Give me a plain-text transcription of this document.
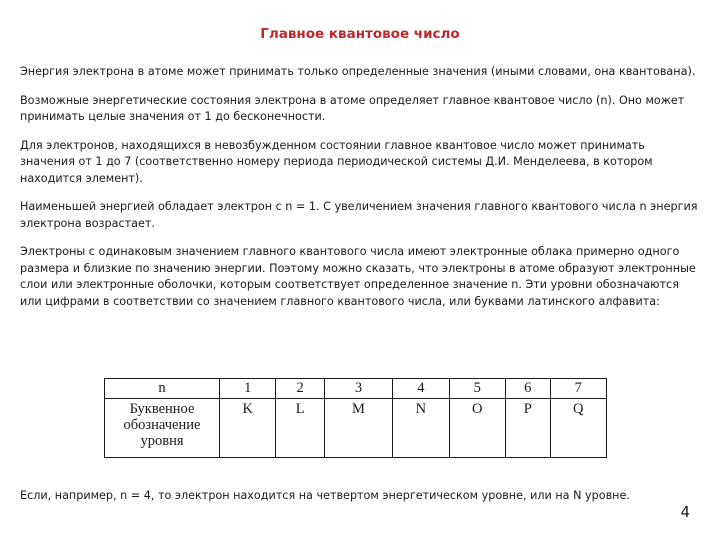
Главное квантовое число

Энергия электрона в атоме может принимать только определенные значения (иными словами, она квантована).

Возможные энергетические состояния электрона в атоме определяет главное квантовое число (n). Оно может принимать целые значения от 1 до бесконечности.

Для электронов, находящихся в невозбужденном состоянии главное квантовое число может принимать значения от 1 до 7 (соответственно номеру периода периодической системы Д.И. Менделеева, в котором находится элемент).

Наименьшей энергией обладает электрон с n = 1. С увеличением значения главного квантового числа n энергия электрона возрастает.

Электроны с одинаковым значением главного квантового числа имеют электронные облака примерно одного размера и близкие по значению энергии. Поэтому можно сказать, что электроны в атоме образуют электронные слои или электронные оболочки, которым соответствует определенное значение n. Эти уровни обозначаются или цифрами в соответствии со значением главного квантового числа, или буквами латинского алфавита:

n	1	2	3	4	5	6	7

Буквенное
обозначение
уровня	K	L	M	N	O	P	Q

Если, например, n = 4, то электрон находится на четвертом энергетическом уровне, или на N уровне.

4
